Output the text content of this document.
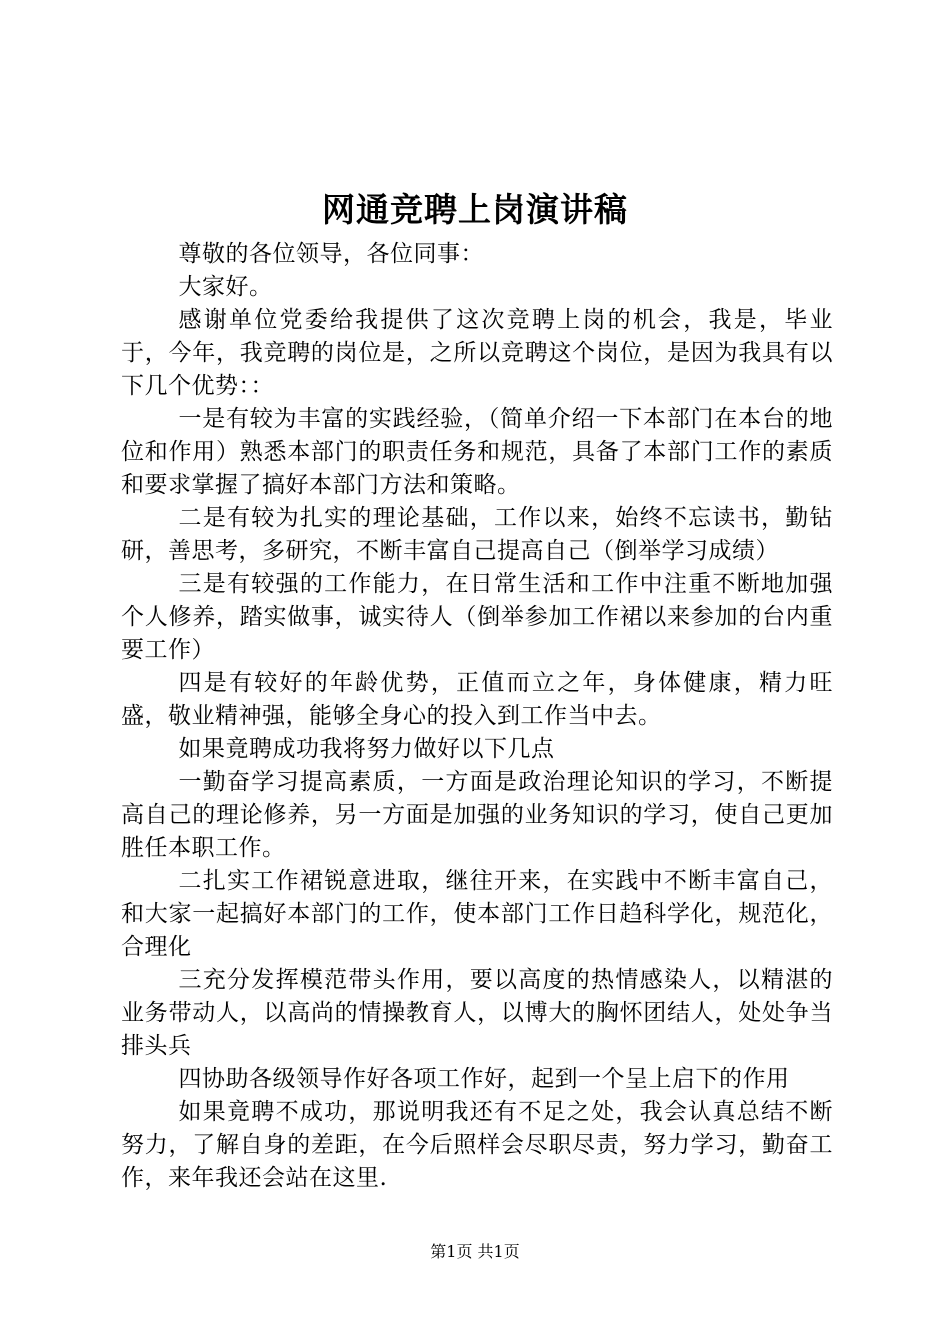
网通竞聘上岗演讲稿

尊敬的各位领导，各位同事：

大家好。

感谢单位党委给我提供了这次竞聘上岗的机会，我是，毕业于，今年，我竞聘的岗位是，之所以竞聘这个岗位，是因为我具有以下几个优势：：

一是有较为丰富的实践经验，（简单介绍一下本部门在本台的地位和作用）熟悉本部门的职责任务和规范，具备了本部门工作的素质和要求掌握了搞好本部门方法和策略。

二是有较为扎实的理论基础，工作以来，始终不忘读书，勤钻研，善思考，多研究，不断丰富自己提高自己（倒举学习成绩）

三是有较强的工作能力，在日常生活和工作中注重不断地加强个人修养，踏实做事，诚实待人（倒举参加工作裙以来参加的台内重要工作）

四是有较好的年龄优势，正值而立之年，身体健康，精力旺盛，敬业精神强，能够全身心的投入到工作当中去。

如果竟聘成功我将努力做好以下几点

一勤奋学习提高素质，一方面是政治理论知识的学习，不断提高自己的理论修养，另一方面是加强的业务知识的学习，使自己更加胜任本职工作。

二扎实工作裙锐意进取，继往开来，在实践中不断丰富自己，和大家一起搞好本部门的工作，使本部门工作日趋科学化，规范化，合理化

三充分发挥模范带头作用，要以高度的热情感染人，以精湛的业务带动人，以高尚的情操教育人，以博大的胸怀团结人，处处争当排头兵

四协助各级领导作好各项工作好，起到一个呈上启下的作用

如果竟聘不成功，那说明我还有不足之处，我会认真总结不断努力，了解自身的差距，在今后照样会尽职尽责，努力学习，勤奋工作，来年我还会站在这里.

第1页 共1页
